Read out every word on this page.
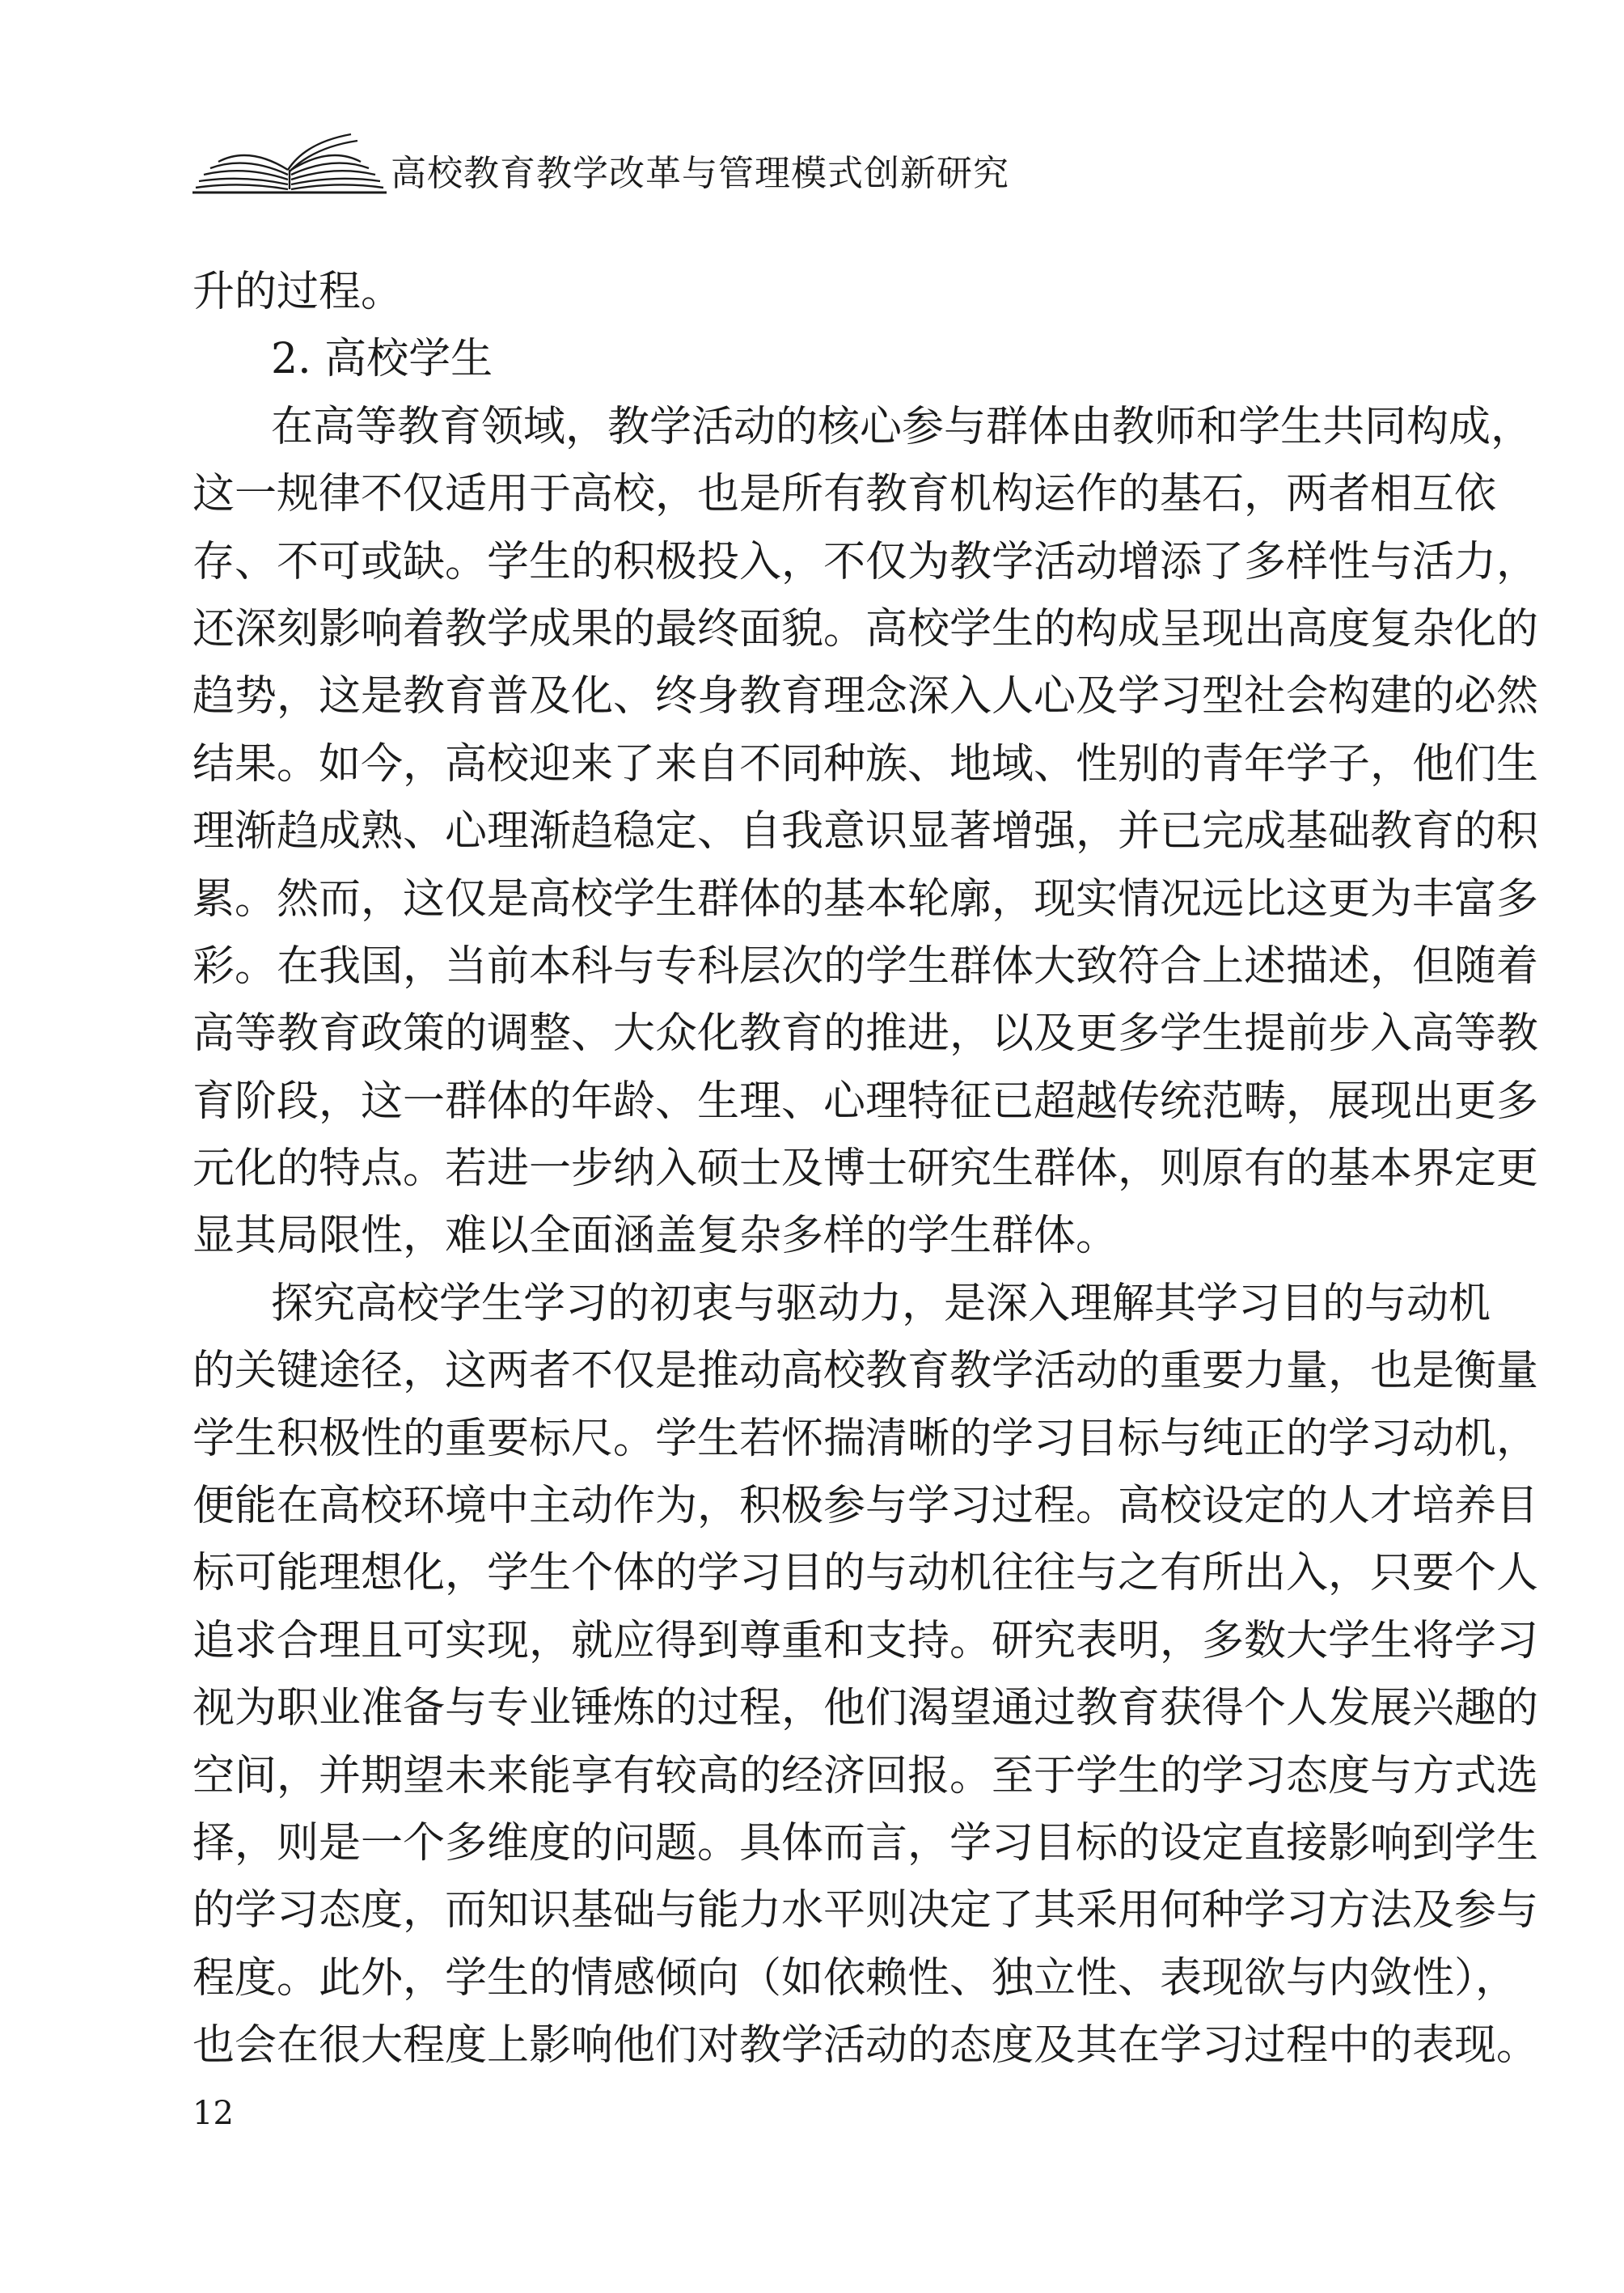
高校教育教学改革与管理模式创新研究
升的过程。
2. 高校学生
在高等教育领域，教学活动的核心参与群体由教师和学生共同构成，
这一规律不仅适用于高校，也是所有教育机构运作的基石，两者相互依
存、不可或缺。学生的积极投入，不仅为教学活动增添了多样性与活力，
还深刻影响着教学成果的最终面貌。高校学生的构成呈现出高度复杂化的
趋势，这是教育普及化、终身教育理念深入人心及学习型社会构建的必然
结果。如今，高校迎来了来自不同种族、地域、性别的青年学子，他们生
理渐趋成熟、心理渐趋稳定、自我意识显著增强，并已完成基础教育的积
累。然而，这仅是高校学生群体的基本轮廓，现实情况远比这更为丰富多
彩。在我国，当前本科与专科层次的学生群体大致符合上述描述，但随着
高等教育政策的调整、大众化教育的推进，以及更多学生提前步入高等教
育阶段，这一群体的年龄、生理、心理特征已超越传统范畴，展现出更多
元化的特点。若进一步纳入硕士及博士研究生群体，则原有的基本界定更
显其局限性，难以全面涵盖复杂多样的学生群体。
探究高校学生学习的初衷与驱动力，是深入理解其学习目的与动机
的关键途径，这两者不仅是推动高校教育教学活动的重要力量，也是衡量
学生积极性的重要标尺。学生若怀揣清晰的学习目标与纯正的学习动机，
便能在高校环境中主动作为，积极参与学习过程。高校设定的人才培养目
标可能理想化，学生个体的学习目的与动机往往与之有所出入，只要个人
追求合理且可实现，就应得到尊重和支持。研究表明，多数大学生将学习
视为职业准备与专业锤炼的过程，他们渴望通过教育获得个人发展兴趣的
空间，并期望未来能享有较高的经济回报。至于学生的学习态度与方式选
择，则是一个多维度的问题。具体而言，学习目标的设定直接影响到学生
的学习态度，而知识基础与能力水平则决定了其采用何种学习方法及参与
程度。此外，学生的情感倾向（如依赖性、独立性、表现欲与内敛性），
也会在很大程度上影响他们对教学活动的态度及其在学习过程中的表现。
12
